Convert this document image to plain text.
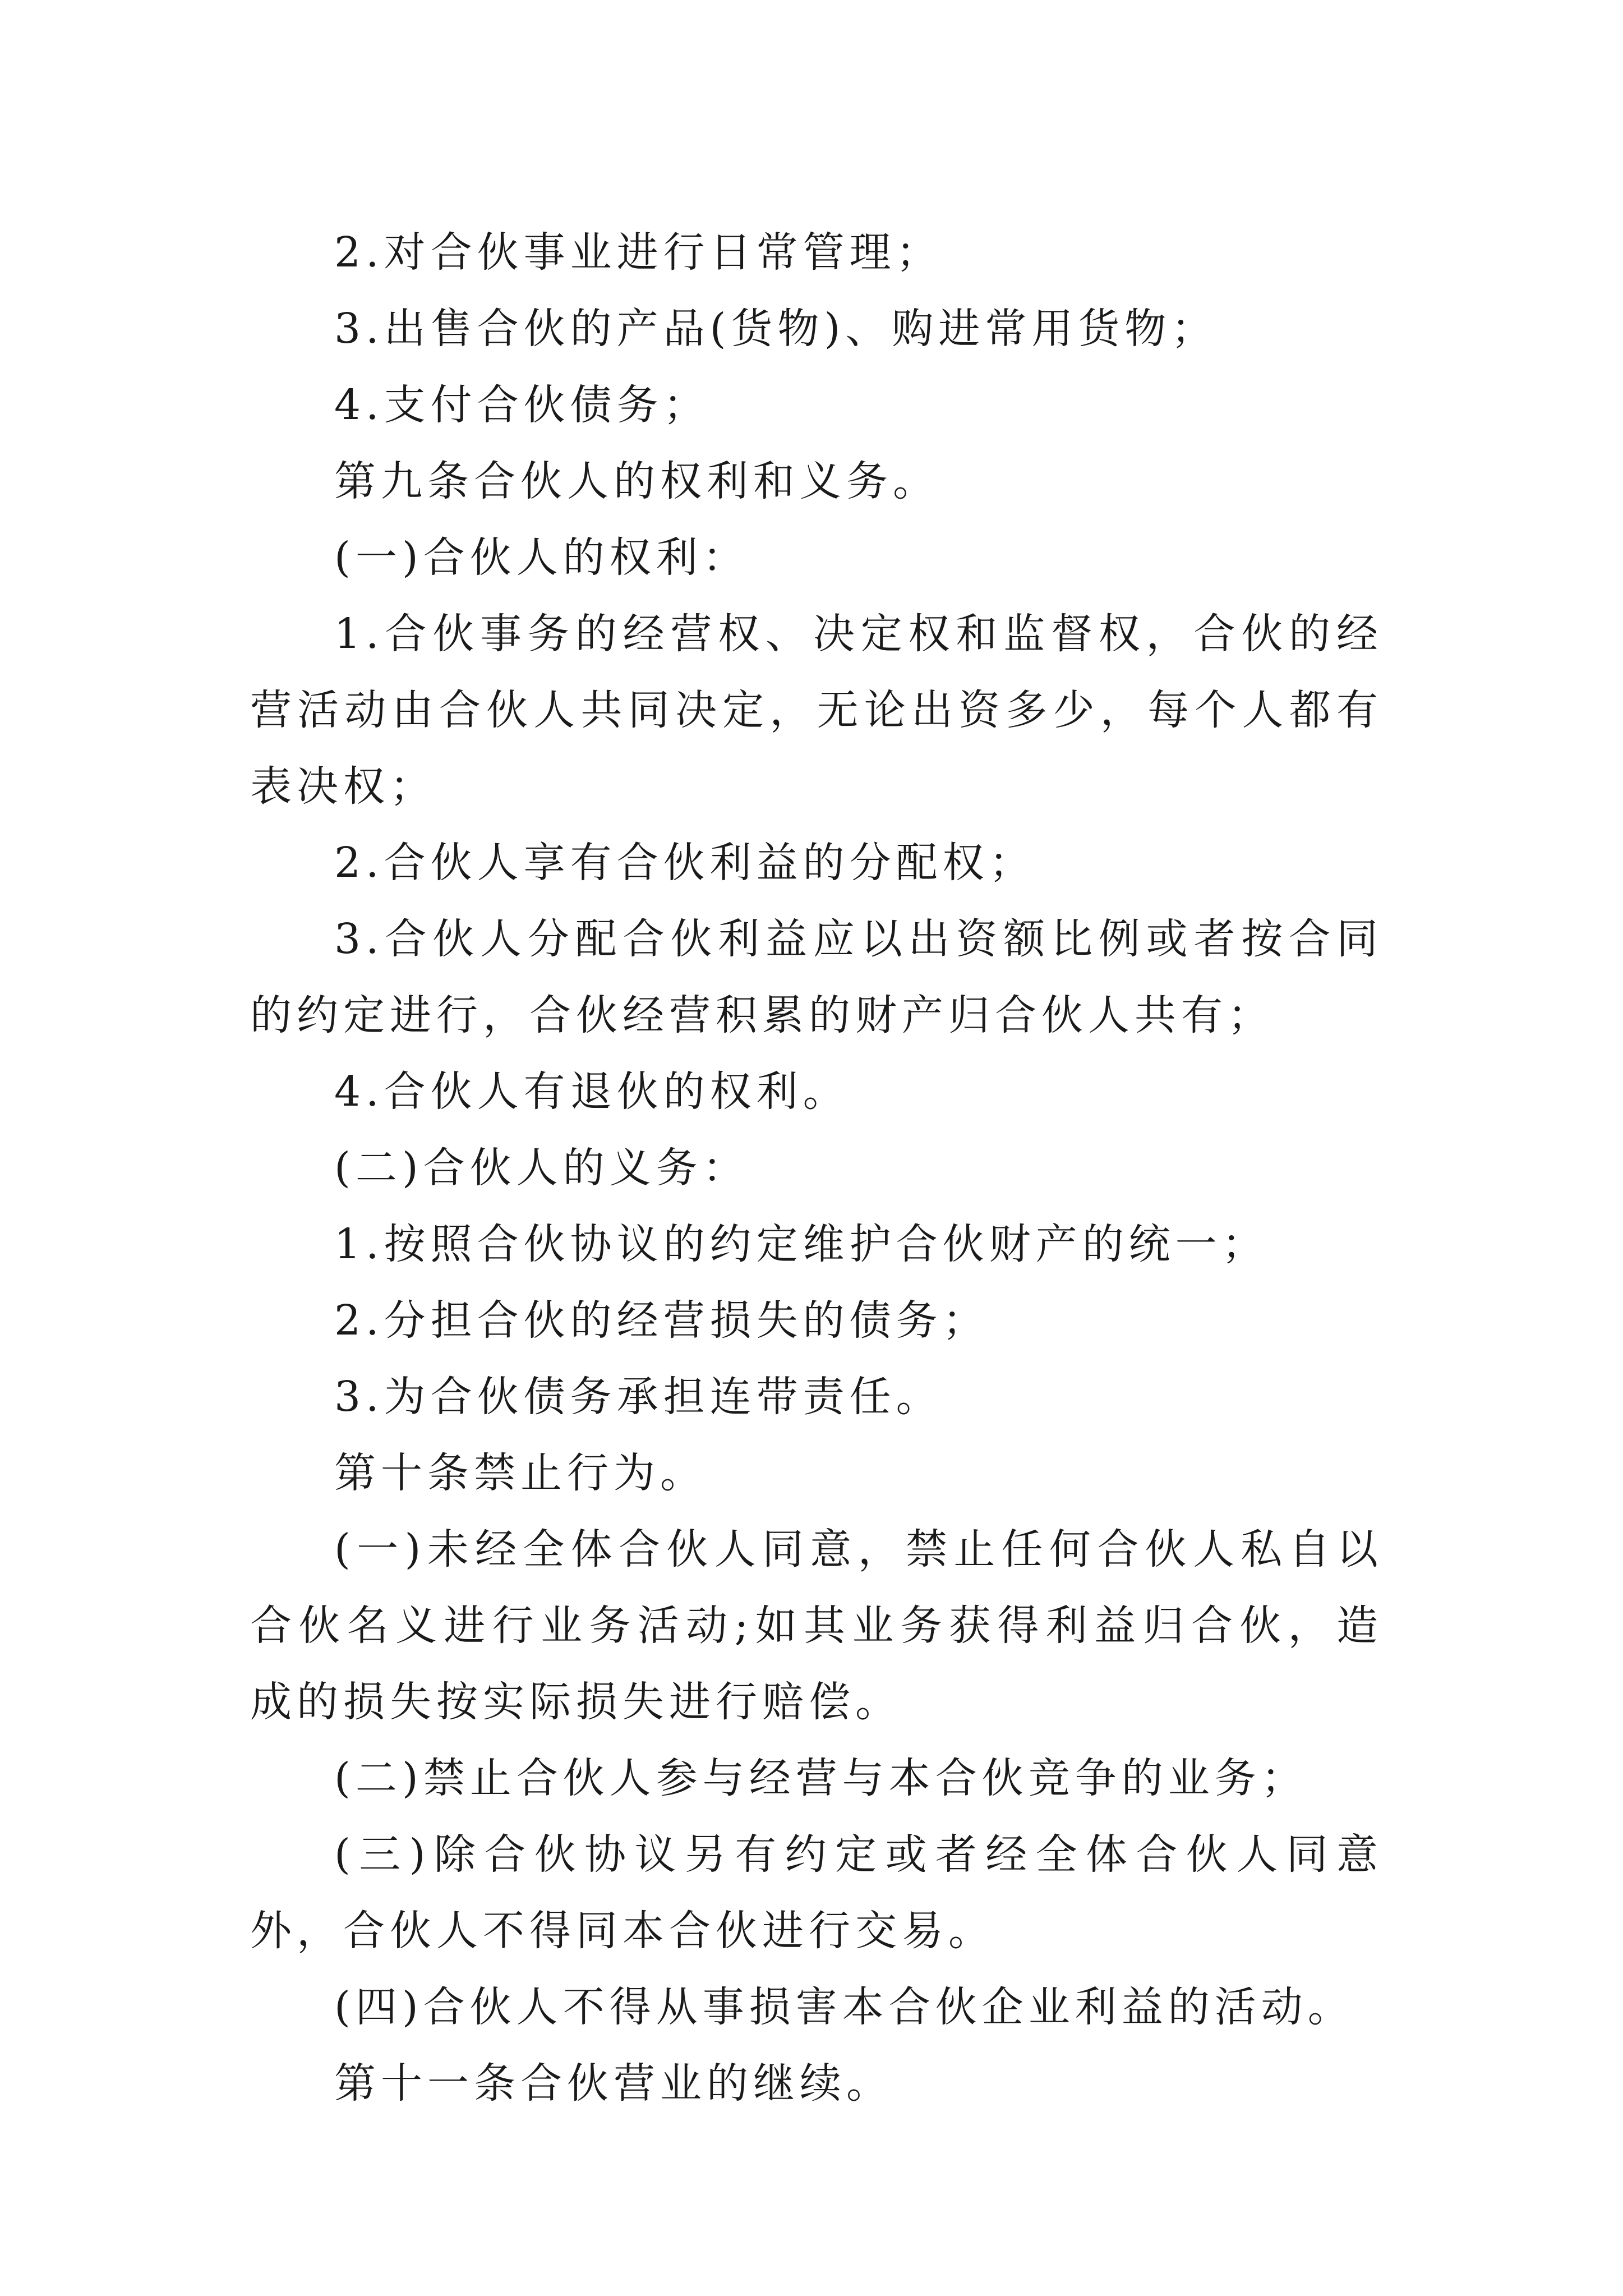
2.对合伙事业进行日常管理；

3.出售合伙的产品(货物)、购进常用货物；

4.支付合伙债务；

第九条合伙人的权利和义务。

(一)合伙人的权利：

1.合伙事务的经营权、决定权和监督权，合伙的经营活动由合伙人共同决定，无论出资多少，每个人都有表决权；

2.合伙人享有合伙利益的分配权；

3.合伙人分配合伙利益应以出资额比例或者按合同的约定进行，合伙经营积累的财产归合伙人共有；

4.合伙人有退伙的权利。

(二)合伙人的义务：

1.按照合伙协议的约定维护合伙财产的统一；

2.分担合伙的经营损失的债务；

3.为合伙债务承担连带责任。

第十条禁止行为。

(一)未经全体合伙人同意，禁止任何合伙人私自以合伙名义进行业务活动;如其业务获得利益归合伙，造成的损失按实际损失进行赔偿。

(二)禁止合伙人参与经营与本合伙竞争的业务；

(三)除合伙协议另有约定或者经全体合伙人同意外，合伙人不得同本合伙进行交易。

(四)合伙人不得从事损害本合伙企业利益的活动。

第十一条合伙营业的继续。
